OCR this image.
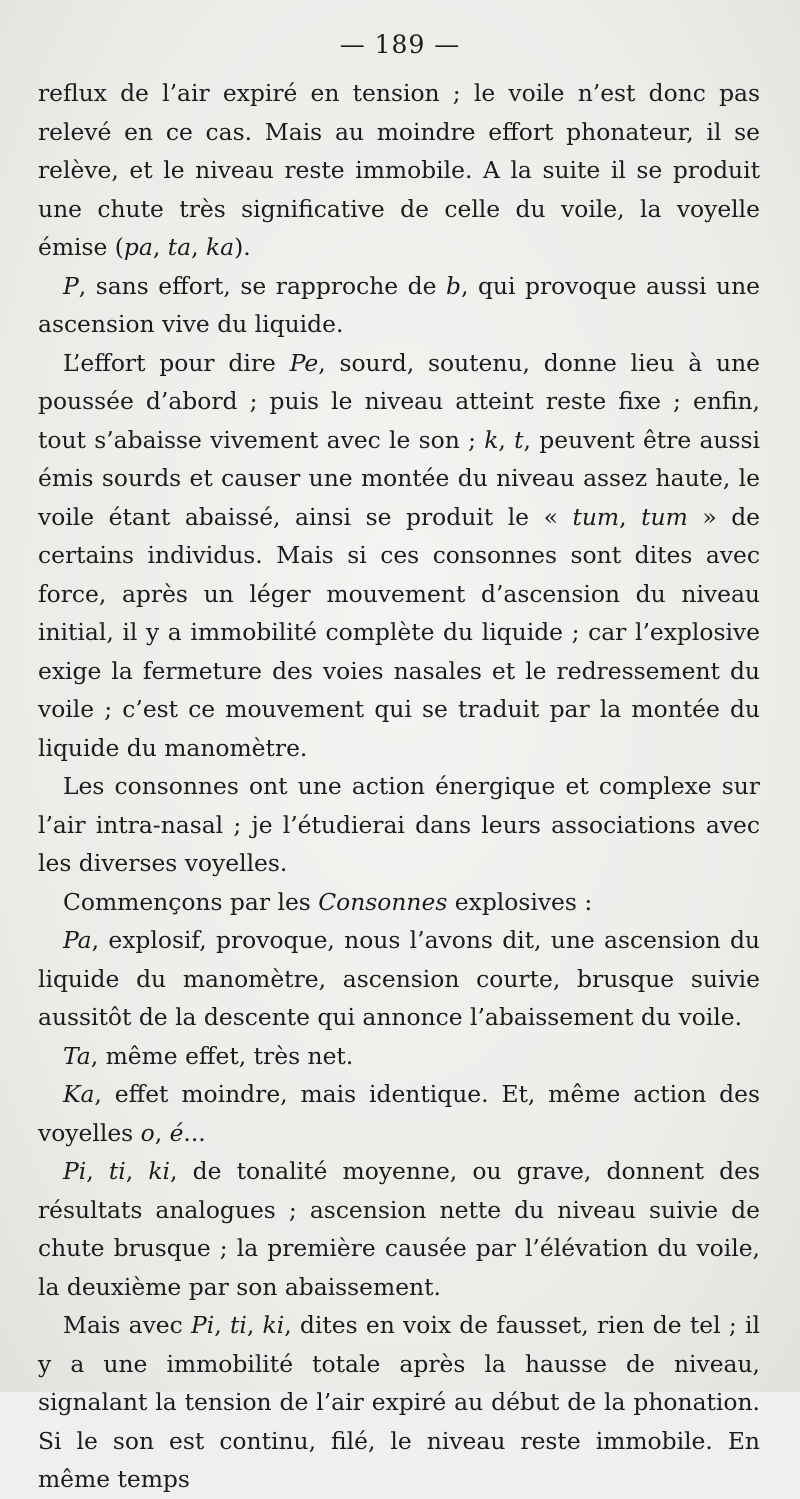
— 189 —

reflux de l’air expiré en tension ; le voile n’est donc pas relevé en ce cas. Mais au moindre effort phonateur, il se relève, et le niveau reste immobile. A la suite il se produit une chute très significative de celle du voile, la voyelle émise (pa, ta, ka).

P, sans effort, se rapproche de b, qui provoque aussi une ascension vive du liquide.

L’effort pour dire Pe, sourd, soutenu, donne lieu à une poussée d’abord ; puis le niveau atteint reste fixe ; enfin, tout s’abaisse vivement avec le son ; k, t, peuvent être aussi émis sourds et causer une montée du niveau assez haute, le voile étant abaissé, ainsi se produit le « tum, tum » de certains individus. Mais si ces consonnes sont dites avec force, après un léger mouvement d’ascension du niveau initial, il y a immobilité complète du liquide ; car l’explosive exige la fermeture des voies nasales et le redressement du voile ; c’est ce mouvement qui se traduit par la montée du liquide du manomètre.

Les consonnes ont une action énergique et complexe sur l’air intra-nasal ; je l’étudierai dans leurs associations avec les diverses voyelles.

Commençons par les Consonnes explosives :

Pa, explosif, provoque, nous l’avons dit, une ascension du liquide du manomètre, ascension courte, brusque suivie aussitôt de la descente qui annonce l’abaissement du voile.

Ta, même effet, très net.

Ka, effet moindre, mais identique. Et, même action des voyelles o, é...

Pi, ti, ki, de tonalité moyenne, ou grave, donnent des résultats analogues ; ascension nette du niveau suivie de chute brusque ; la première causée par l’élévation du voile, la deuxième par son abaissement.

Mais avec Pi, ti, ki, dites en voix de fausset, rien de tel ; il y a une immobilité totale après la hausse de niveau, signalant la tension de l’air expiré au début de la phonation. Si le son est continu, filé, le niveau reste immobile. En même temps
